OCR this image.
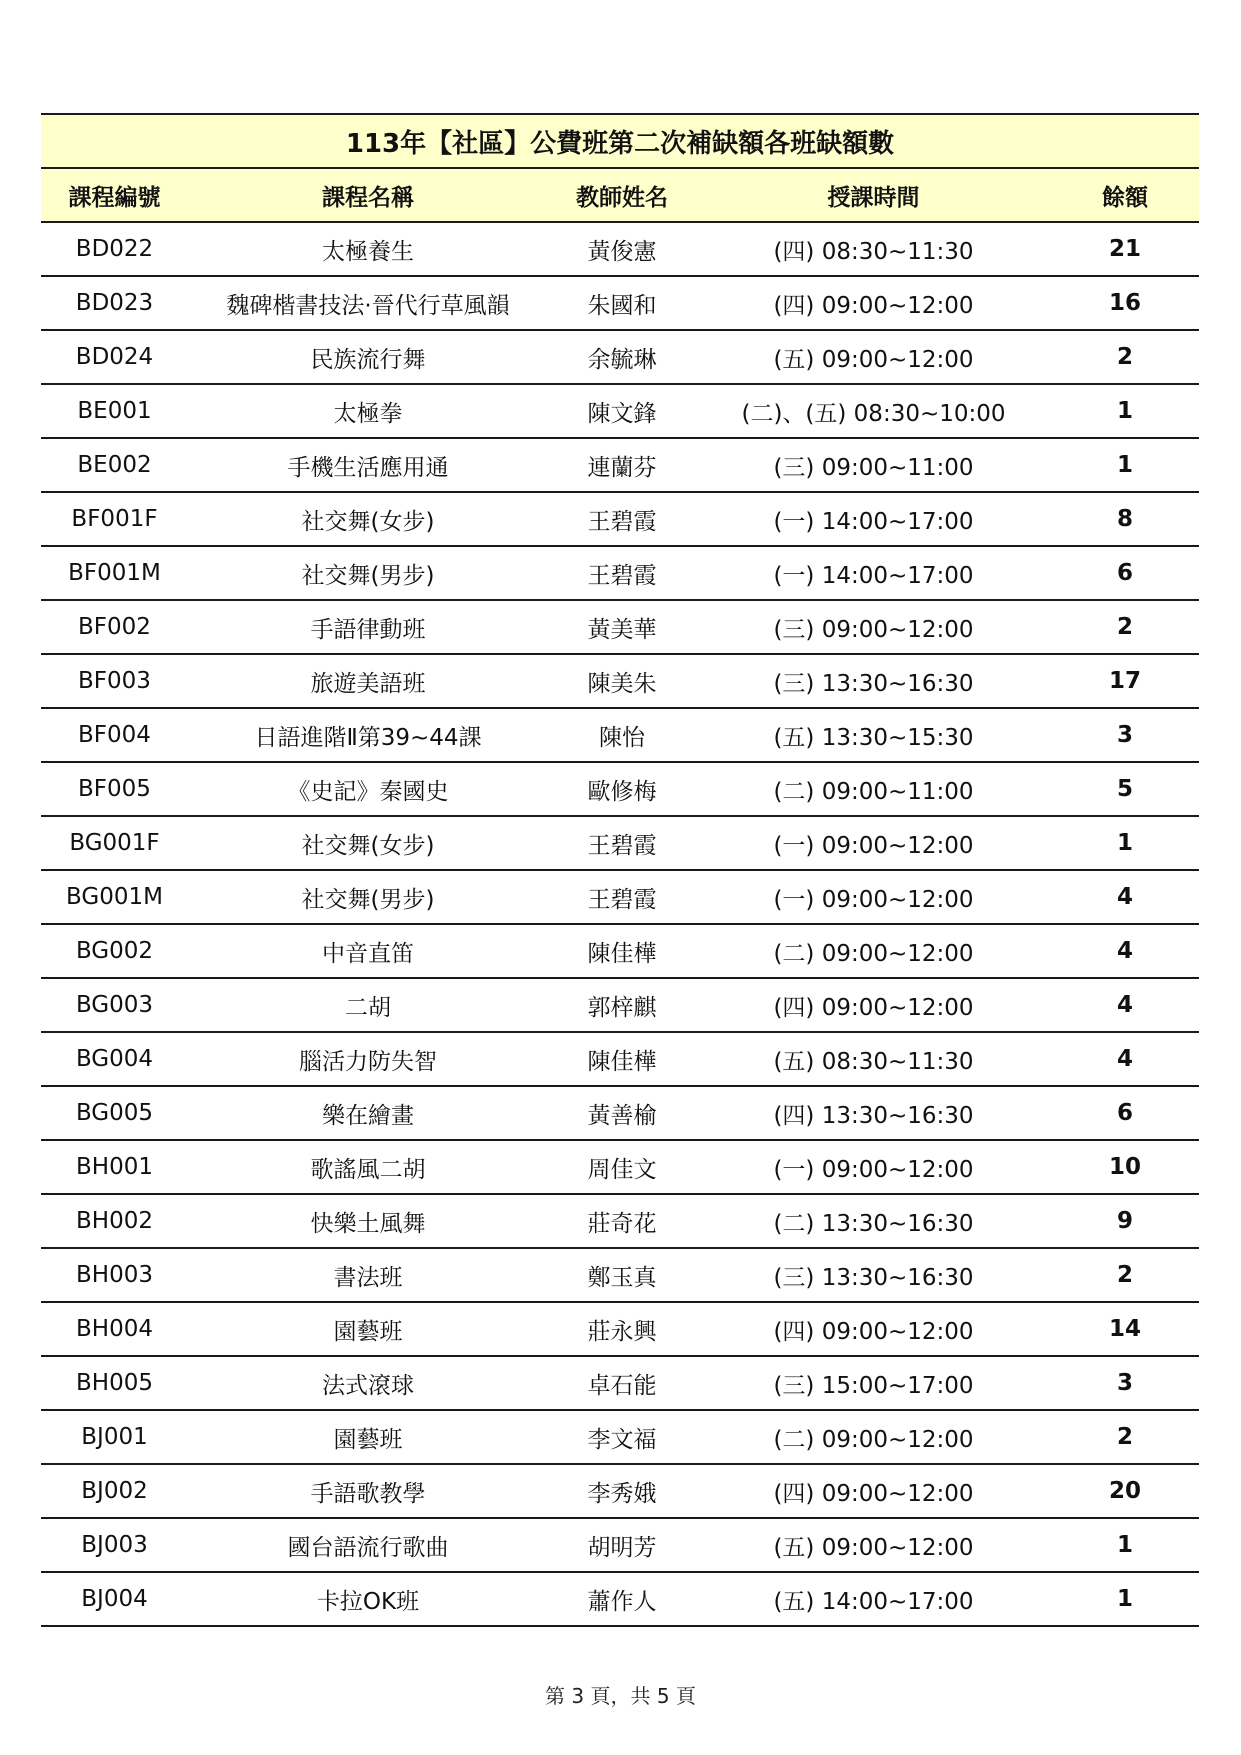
113年【社區】公費班第二次補缺額各班缺額數				
課程編號	課程名稱	教師姓名	授課時間	餘額
BD022	太極養生	黃俊憲	(四) 08:30~11:30	21
BD023	魏碑楷書技法·晉代行草風韻	朱國和	(四) 09:00~12:00	16
BD024	民族流行舞	余毓琳	(五) 09:00~12:00	2
BE001	太極拳	陳文鋒	(二)、(五) 08:30~10:00	1
BE002	手機生活應用通	連蘭芬	(三) 09:00~11:00	1
BF001F	社交舞(女步)	王碧霞	(一) 14:00~17:00	8
BF001M	社交舞(男步)	王碧霞	(一) 14:00~17:00	6
BF002	手語律動班	黃美華	(三) 09:00~12:00	2
BF003	旅遊美語班	陳美朱	(三) 13:30~16:30	17
BF004	日語進階Ⅱ第39~44課	陳怡	(五) 13:30~15:30	3
BF005	《史記》秦國史	歐修梅	(二) 09:00~11:00	5
BG001F	社交舞(女步)	王碧霞	(一) 09:00~12:00	1
BG001M	社交舞(男步)	王碧霞	(一) 09:00~12:00	4
BG002	中音直笛	陳佳樺	(二) 09:00~12:00	4
BG003	二胡	郭梓麒	(四) 09:00~12:00	4
BG004	腦活力防失智	陳佳樺	(五) 08:30~11:30	4
BG005	樂在繪畫	黃善榆	(四) 13:30~16:30	6
BH001	歌謠風二胡	周佳文	(一) 09:00~12:00	10
BH002	快樂土風舞	莊奇花	(二) 13:30~16:30	9
BH003	書法班	鄭玉真	(三) 13:30~16:30	2
BH004	園藝班	莊永興	(四) 09:00~12:00	14
BH005	法式滾球	卓石能	(三) 15:00~17:00	3
BJ001	園藝班	李文福	(二) 09:00~12:00	2
BJ002	手語歌教學	李秀娥	(四) 09:00~12:00	20
BJ003	國台語流行歌曲	胡明芳	(五) 09:00~12:00	1
BJ004	卡拉OK班	蕭作人	(五) 14:00~17:00	1
第 3 頁，共 5 頁
